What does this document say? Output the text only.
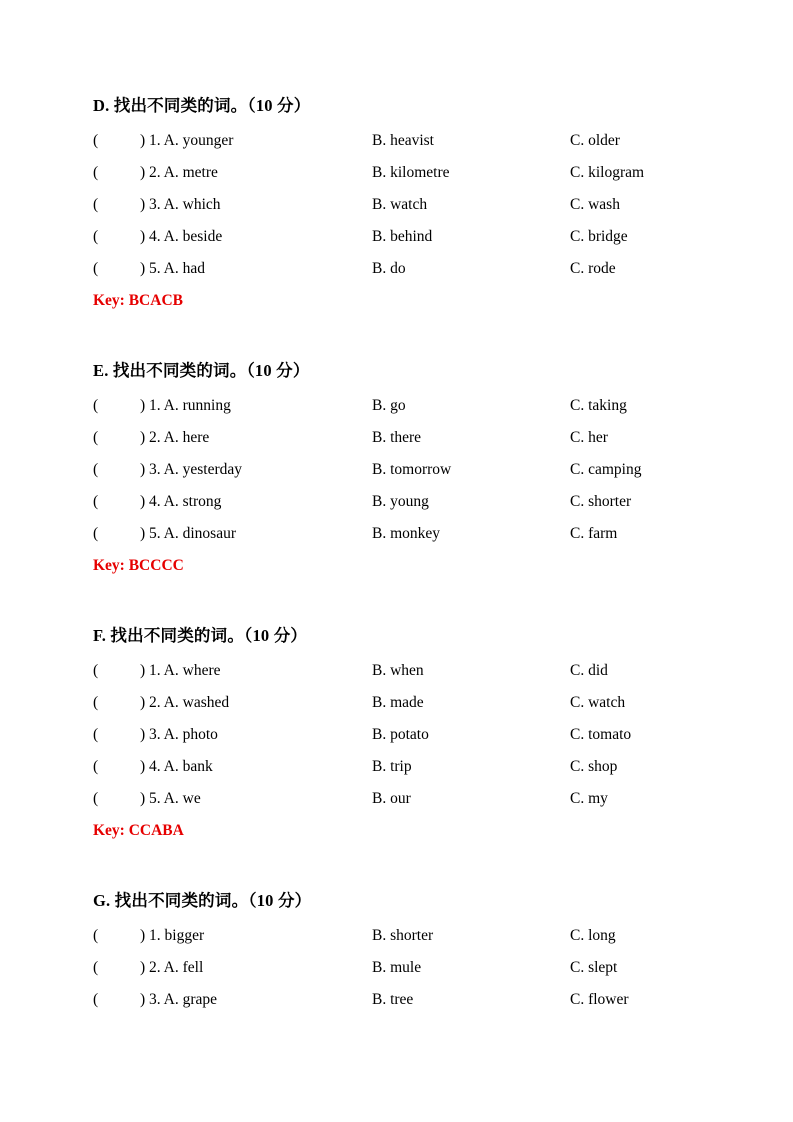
D. 找出不同类的词。（10 分）
(	) 1. A. younger	B. heavist	C. older
(	) 2. A. metre	B. kilometre	C. kilogram
(	) 3. A. which	B. watch	C. wash
(	) 4. A. beside	B. behind	C. bridge
(	) 5. A. had	B. do	C. rode
Key: BCACB
E. 找出不同类的词。（10 分）
(	) 1. A. running	B. go	C. taking
(	) 2. A. here	B. there	C. her
(	) 3. A. yesterday	B. tomorrow	C. camping
(	) 4. A. strong	B. young	C. shorter
(	) 5. A. dinosaur	B. monkey	C. farm
Key: BCCCC
F. 找出不同类的词。（10 分）
(	) 1. A. where	B. when	C. did
(	) 2. A. washed	B. made	C. watch
(	) 3. A. photo	B. potato	C. tomato
(	) 4. A. bank	B. trip	C. shop
(	) 5. A. we	B. our	C. my
Key: CCABA
G. 找出不同类的词。（10 分）
(	) 1. bigger	B. shorter	C. long
(	) 2. A. fell	B. mule	C. slept
(	) 3. A. grape	B. tree	C. flower
